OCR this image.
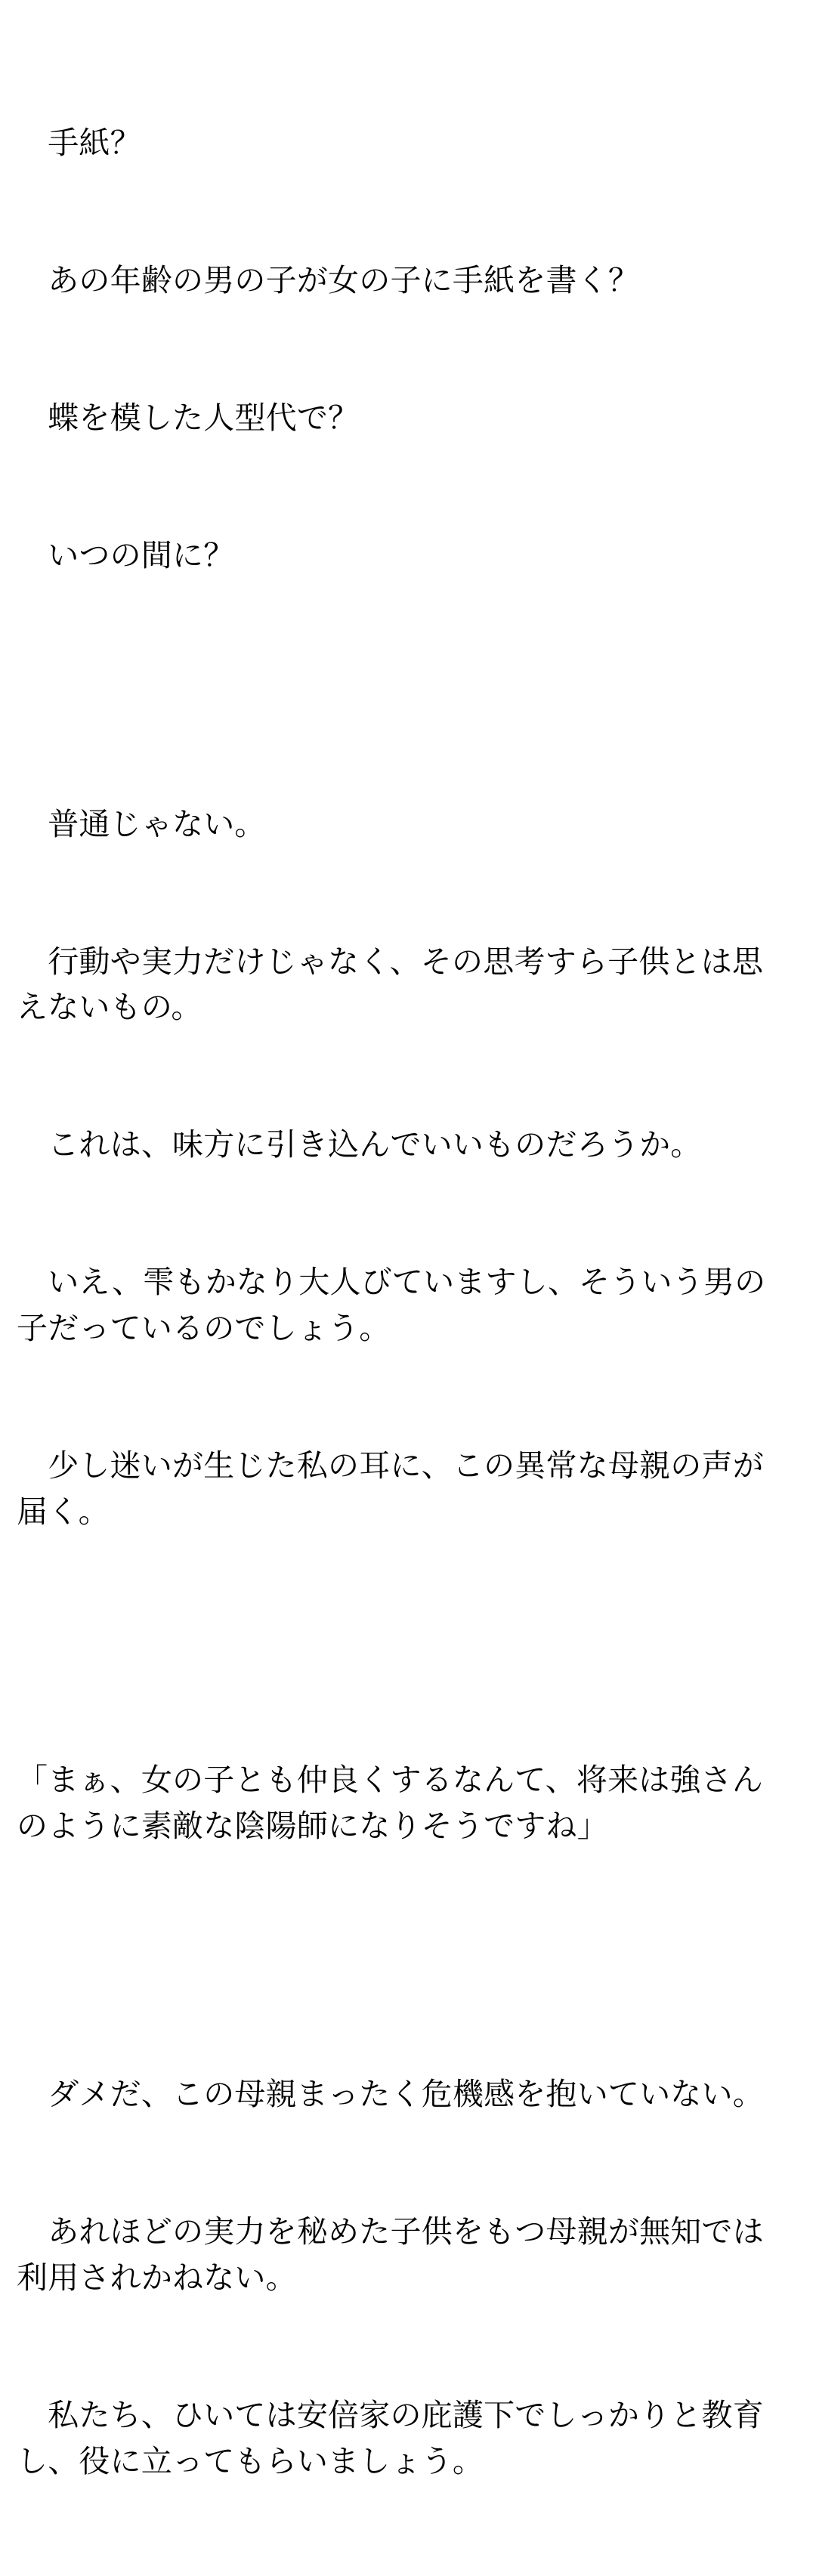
　手紙？

　あの年齢の男の子が女の子に手紙を書く？

　蝶を模した人型代で？

　いつの間に？

　普通じゃない。

　行動や実力だけじゃなく、その思考すら子供とは思えないもの。

　これは、味方に引き込んでいいものだろうか。

　いえ、雫もかなり大人びていますし、そういう男の子だっているのでしょう。

　少し迷いが生じた私の耳に、この異常な母親の声が届く。

「まぁ、女の子とも仲良くするなんて、将来は強さんのように素敵な陰陽師になりそうですね」

　ダメだ、この母親まったく危機感を抱いていない。

　あれほどの実力を秘めた子供をもつ母親が無知では利用されかねない。

　私たち、ひいては安倍家の庇護下でしっかりと教育し、役に立ってもらいましょう。
